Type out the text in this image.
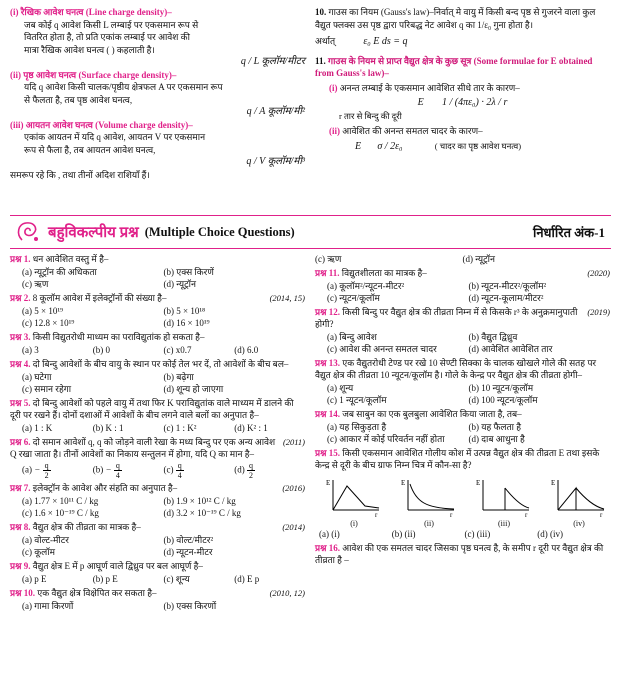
(i) रैखिक आवेश घनत्व (Line charge density)–
जब कोई q आवेश किसी L लम्बाई पर एकसमान रूप से
वितरित होता है, तो प्रति एकांक लम्बाई पर आवेश की
मात्रा रैखिक आवेश घनत्व ( ) कहलाती है।
q / L कूलॉम/मीटर
(ii) पृष्ठ आवेश घनत्व (Surface charge density)–
यदि q आवेश किसी चालक/पृष्ठीय क्षेत्रफल A पर एकसमान रूप
से फैलता है, तब पृष्ठ आवेश घनत्व,
q / A कूलॉम/मी²
(iii) आयतन आवेश घनत्व (Volume charge density)–
एकांक आयतन में यदि q आवेश, आयतन V पर एकसमान
रूप से फैला है, तब आयतन आवेश घनत्व,
q / V कूलॉम/मी³
समरूप रहे कि , तथा तीनों अदिश राशियाँ हैं।
10. गाउस का नियम (Gauss's law)–निर्वात् मे वायु में किसी बन्द पृष्ठ से गुजरने वाला कुल वैद्युत फ्लक्स उस पृष्ठ द्वारा परिबद्ध नेट आवेश q का 1/ε₀ गुना होता है।
अर्थात्	ε₀ E ds = q
11. गाउस के नियम से प्राप्त वैद्युत क्षेत्र के कुछ सूत्र (Some formulae for E obtained from Gauss's law)–
(i) अनन्त लम्बाई के एकसमान आवेशित सीधे तार के कारण–
E 1 / (4πε₀) · 2λ / r
r तार से बिन्दु की दूरी
(ii) आवेशित की अनन्त समतल चादर के कारण–
E σ / 2ε₀	( चादर का पृष्ठ आवेश घनत्व)
बहुविकल्पीय प्रश्न (Multiple Choice Questions)	निर्धारित अंक-1
प्रश्न 1. धन आवेशित वस्तु में है–
(a) न्यूट्रॉन की अधिकता	(b) एक्स किरणें
(c) ऋण	(d) न्यूट्रॉन
(2014, 15)
प्रश्न 2. 8 कूलॉम आवेश में इलेक्ट्रॉनों की संख्या है–
(a) 5 × 10¹⁹	(b) 5 × 10¹⁸
(c) 12.8 × 10¹⁹	(d) 16 × 10¹⁹
प्रश्न 3. किसी विद्युतरोधी माध्यम का पराविद्युतांक हो सकता है–
(a) 3	(b) 0	(c) x0.7	(d) 6.0
प्रश्न 4. दो बिन्दु आवेशों के बीच वायु के स्थान पर कोई तेल भर दें, तो आवेशों के बीच बल–
(a) घटेगा	(b) बढ़ेगा
(c) समान रहेगा	(d) शून्य हो जाएगा
प्रश्न 5. दो बिन्दु आवेशों को पहले वायु में तथा फिर K पराविद्युतांक वाले माध्यम में डालने की दूरी पर रखने हैं। दोनों दशाओं में आवेशों के बीच लगने वाले बलों का अनुपात है–
(a) 1 : K	(b) K : 1	(c) 1 : K²	(d) K² : 1
(2011)
प्रश्न 6. दो समान आवेशों q, q को जोड़ने वाली रेखा के मध्य बिन्दु पर एक अन्य आवेश Q रखा जाता है। तीनों आवेशों का निकाय सन्तुलन में होगा, यदि Q का मान है–
$(a) - \frac{q}{2}$	$(b) - \frac{q}{4}$	$(c) \frac{q}{4}$	$(d) \frac{q}{2}$
(2016)
प्रश्न 7. इलेक्ट्रॉन के आवेश और संहति का अनुपात है–
(a) 1.77 × 10¹¹ C / kg	(b) 1.9 × 10¹² C / kg
(c) 1.6 × 10⁻¹⁹ C / kg	(d) 3.2 × 10⁻¹⁹ C / kg
(2014)
प्रश्न 8. वैद्युत क्षेत्र की तीव्रता का मात्रक है–
(a) वोल्ट-मीटर	(b) वोल्ट/मीटर²
(c) कूलॉम	(d) न्यूटन-मीटर
प्रश्न 9. वैद्युत क्षेत्र E में p आघूर्ण वाले द्विध्रुव पर बल आघूर्ण है–
(a) p E	(b) p E	(c) शून्य	(d) E p
(2010, 12)
प्रश्न 10. एक वैद्युत क्षेत्र विक्षेपित कर सकता है–
(a) गामा किरणों	(b) एक्स किरणों
(c) ऋण	(d) न्यूट्रॉन
(2020)
प्रश्न 11. विद्युतशीलता का मात्रक है–
(a) कूलॉम²/न्यूटन-मीटर²	(b) न्यूटन-मीटर²/कूलॉम²
(c) न्यूटन/कूलॉम	(d) न्यूटन-कूलाम/मीटर²
(2019)
प्रश्न 12. किसी बिन्दु पर वैद्युत क्षेत्र की तीव्रता निम्न में से किसके r³ के अनुक्रमानुपाती होगी?
(a) बिन्दु आवेश	(b) वैद्युत द्विध्रुव
(c) आवेश की अनन्त समतल चादर	(d) आवेशित आवेशित तार
प्रश्न 13. एक वैद्युतरोधी टेण्ड पर रखे 10 सेण्टी सिक्का के चालक खोखले गोले की सतह पर वैद्युत क्षेत्र की तीव्रता 10 न्यूटन/कूलॉम है। गोले के केन्द्र पर वैद्युत क्षेत्र की तीव्रता होगी–
(a) शून्य	(b) 10 न्यूटन/कूलॉम
(c) 1 न्यूटन/कूलॉम	(d) 100 न्यूटन/कूलॉम
प्रश्न 14. जब साबुन का एक बुलबुला आवेशित किया जाता है, तब–
(a) यह सिकुड़ता है	(b) यह फैलता है
(c) आकार में कोई परिवर्तन नहीं होता	(d) दाब आधुना है
प्रश्न 15. किसी एकसमान आवेशित गोलीय कोश में उत्पन्न वैद्युत क्षेत्र की तीव्रता E तथा इसके केन्द्र से दूरी के बीच ग्राफ निम्न चित्र में कौन-सा है?
E
r
(i)
E
r
(ii)
E
r
(iii)
E
r
(iv)
(a) (i)	(b) (ii)	(c) (iii)	(d) (iv)
प्रश्न 16. आवेश की एक समतल चादर जिसका पृष्ठ घनत्व है, के समीप r दूरी पर वैद्युत क्षेत्र की तीव्रता है –
